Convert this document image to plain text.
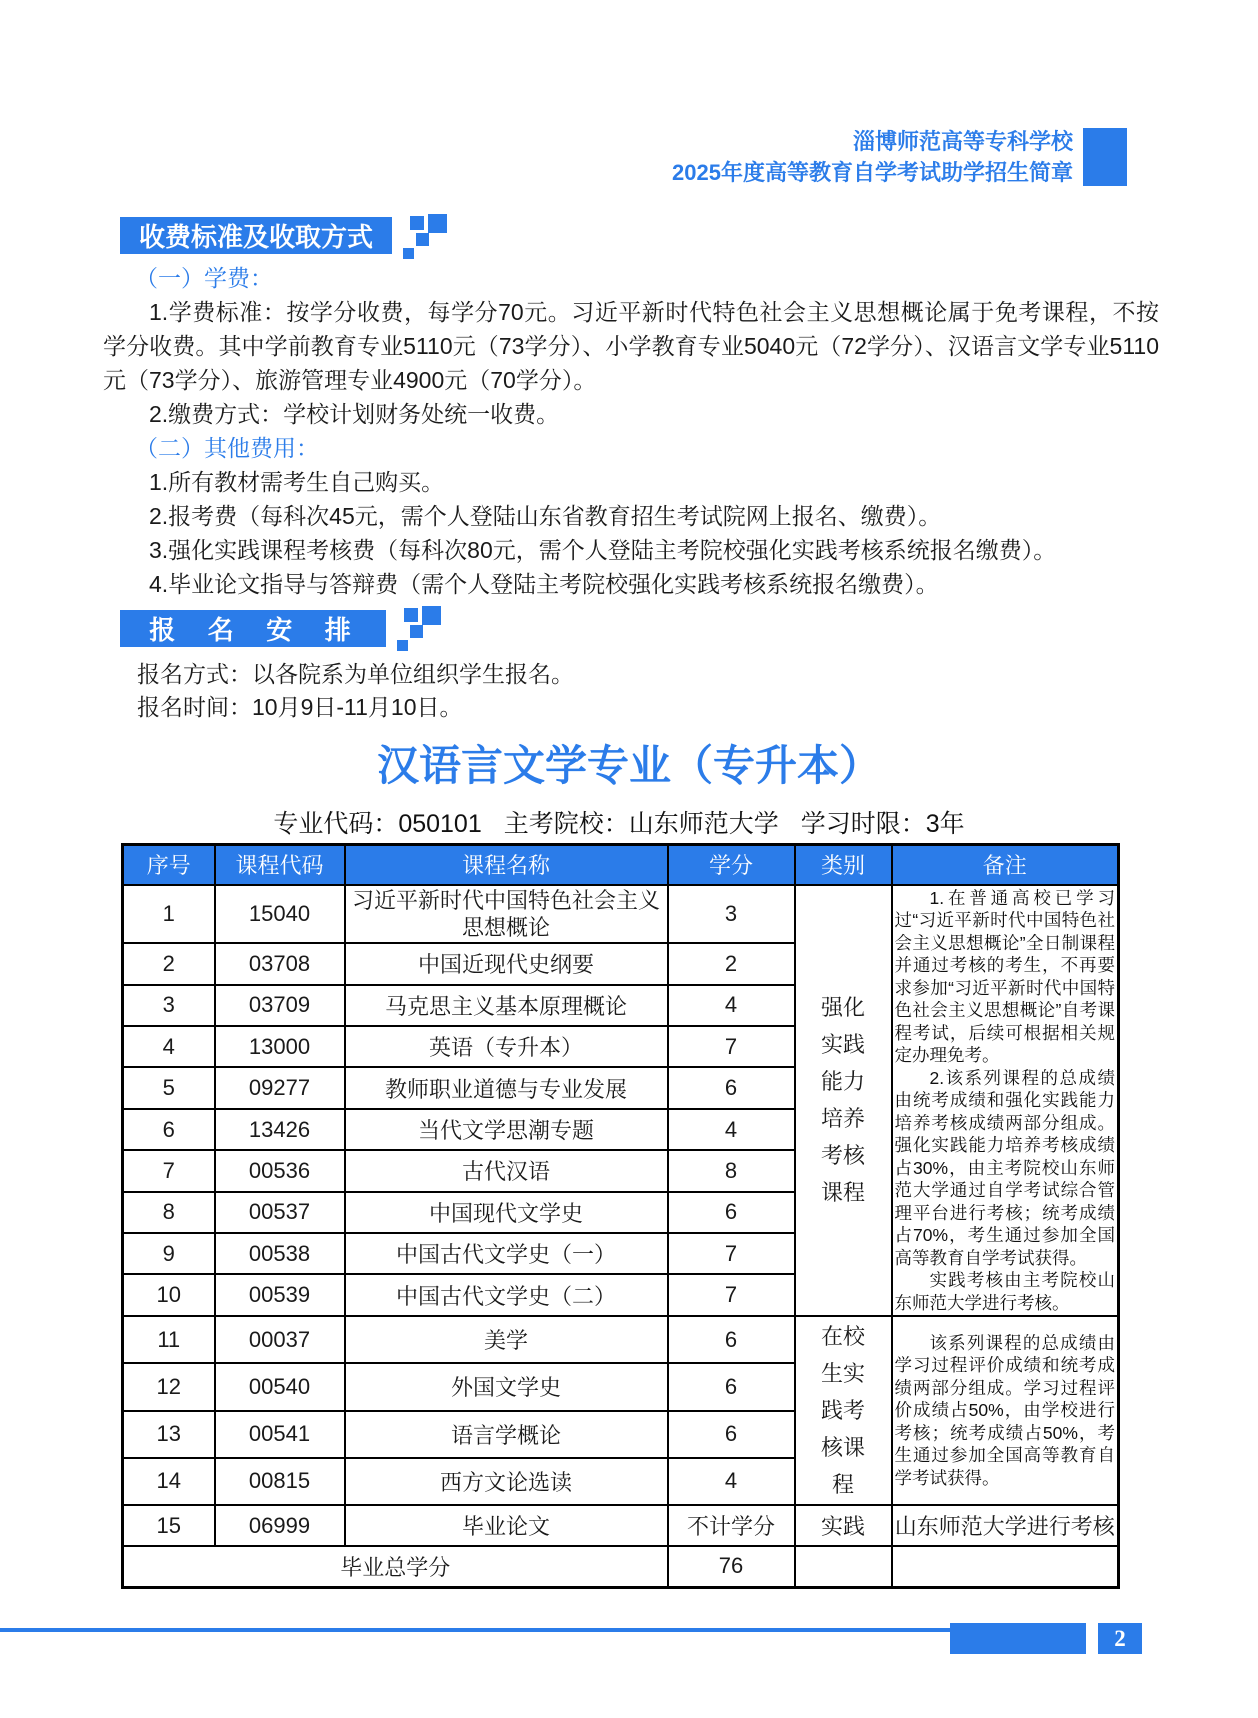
淄博师范高等专科学校
2025年度高等教育自学考试助学招生简章
收费标准及收取方式
（一）学费：
1.学费标准：按学分收费，每学分70元。习近平新时代特色社会主义思想概论属于免考课程，不按学分收费。其中学前教育专业5110元（73学分）、小学教育专业5040元（72学分）、汉语言文学专业5110元（73学分）、旅游管理专业4900元（70学分）。
2.缴费方式：学校计划财务处统一收费。
（二）其他费用：
1.所有教材需考生自己购买。
2.报考费（每科次45元，需个人登陆山东省教育招生考试院网上报名、缴费）。
3.强化实践课程考核费（每科次80元，需个人登陆主考院校强化实践考核系统报名缴费）。
4.毕业论文指导与答辩费（需个人登陆主考院校强化实践考核系统报名缴费）。
报 名 安 排
报名方式：以各院系为单位组织学生报名。
报名时间：10月9日-11月10日。
汉语言文学专业（专升本）
专业代码：050101 主考院校：山东师范大学 学习时限：3年
序号	课程代码	课程名称	学分	类别	备注
1	15040	习近平新时代中国特色社会主义思想概论	3	强化实践能力培养考核课程	1.在普通高校已学习过“习近平新时代中国特色社会主义思想概论”全日制课程并通过考核的考生，不再要求参加“习近平新时代中国特色社会主义思想概论”自考课程考试，后续可根据相关规定办理免考。
2.该系列课程的总成绩由统考成绩和强化实践能力培养考核成绩两部分组成。强化实践能力培养考核成绩占30%，由主考院校山东师范大学通过自学考试综合管理平台进行考核；统考成绩占70%，考生通过参加全国高等教育自学考试获得。
实践考核由主考院校山东师范大学进行考核。

2	03708	中国近现代史纲要	2		
3	03709	马克思主义基本原理概论	4		
4	13000	英语（专升本）	7		
5	09277	教师职业道德与专业发展	6		
6	13426	当代文学思潮专题	4		
7	00536	古代汉语	8		
8	00537	中国现代文学史	6		
9	00538	中国古代文学史（一）	7		
10	00539	中国古代文学史（二）	7		
11	00037	美学	6	在校生实践考核课程	该系列课程的总成绩由学习过程评价成绩和统考成绩两部分组成。学习过程评价成绩占50%，由学校进行考核；统考成绩占50%，考生通过参加全国高等教育自学考试获得。

12	00540	外国文学史	6		
13	00541	语言学概论	6		
14	00815	西方文论选读	4		
15	06999	毕业论文	不计学分	实践	山东师范大学进行考核
毕业总学分			76		
2
